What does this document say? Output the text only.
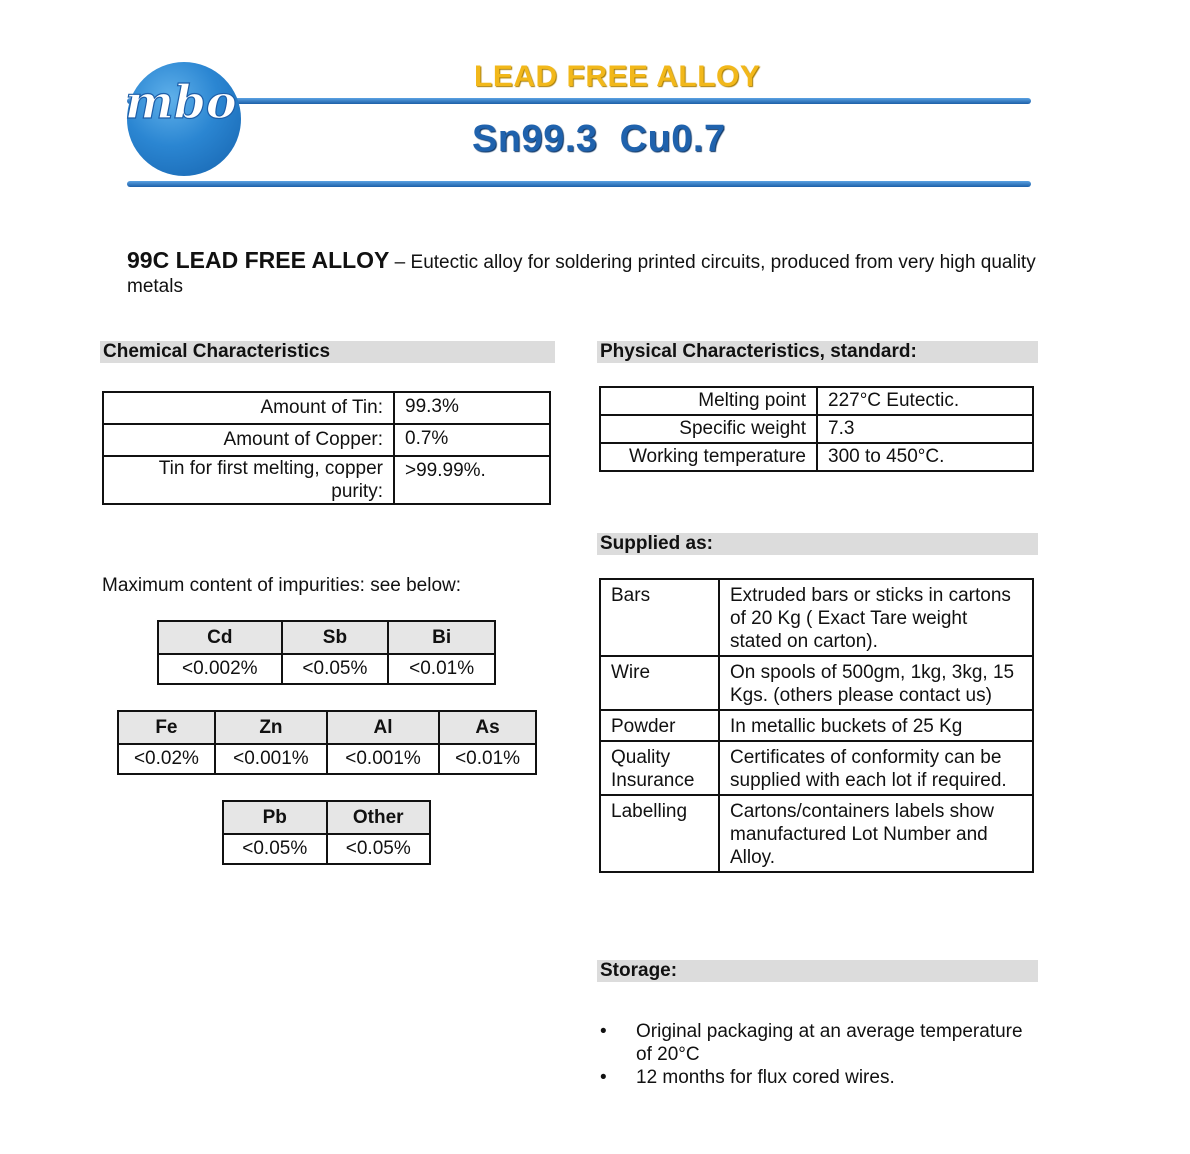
mbo	LEAD FREE ALLOY
Sn99.3  Cu0.7
99C LEAD FREE ALLOY – Eutectic alloy for soldering printed circuits, produced from very high quality metals
Chemical Characteristics
Amount of Tin:	99.3%
Amount of Copper:	0.7%
Tin for first melting, copper purity:	>99.99%.
Maximum content of impurities: see below:
Cd	Sb	Bi
<0.002%	<0.05%	<0.01%
Fe	Zn	Al	As
<0.02%	<0.001%	<0.001%	<0.01%
Pb	Other
<0.05%	<0.05%
Physical Characteristics, standard:
Melting point	227°C Eutectic.
Specific weight	7.3
Working temperature	300 to 450°C.
Supplied as:
Bars	Extruded bars or sticks in cartons of 20 Kg ( Exact Tare weight stated on carton).
Wire	On spools of 500gm, 1kg, 3kg, 15 Kgs. (others please contact us)
Powder	In metallic buckets of 25 Kg
Quality Insurance	Certificates of conformity can be supplied with each lot if required.
Labelling	Cartons/containers labels show manufactured Lot Number and Alloy.
Storage:
• Original packaging at an average temperature of 20°C
• 12 months for flux cored wires.
